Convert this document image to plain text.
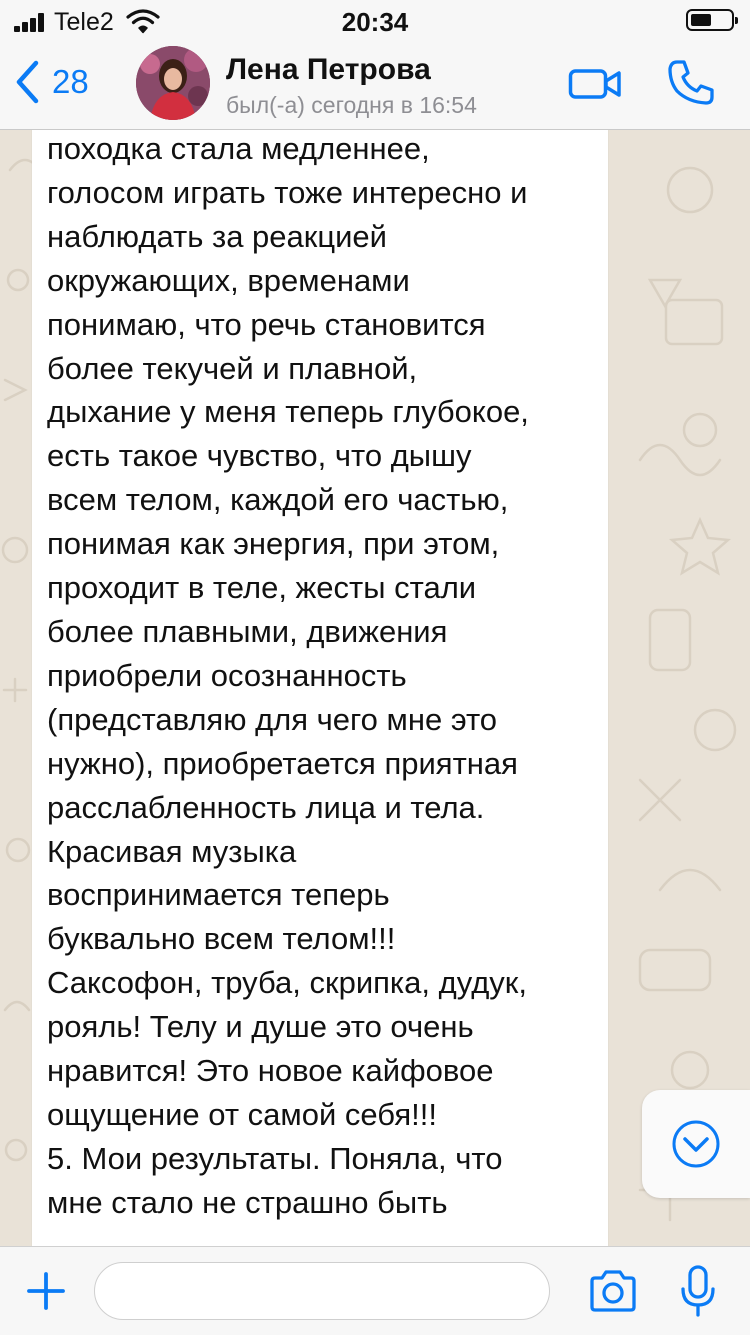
Tele2	20:34
28	Лена Петрова
был(-а) сегодня в 16:54

походка стала медленнее,
голосом играть тоже интересно и
наблюдать за реакцией
окружающих, временами
понимаю, что речь становится
более текучей и плавной,
дыхание у меня теперь глубокое,
есть такое чувство, что дышу
всем телом, каждой его частью,
понимая как энергия, при этом,
проходит в теле, жесты стали
более плавными, движения
приобрели осознанность
(представляю для чего мне это
нужно), приобретается приятная
расслабленность лица и тела.
Красивая музыка
воспринимается теперь
буквально всем телом!!!
Саксофон, труба, скрипка, дудук,
рояль! Телу и душе это очень
нравится! Это новое кайфовое
ощущение от самой себя!!!
5. Мои результаты. Поняла, что
мне стало не страшно быть
